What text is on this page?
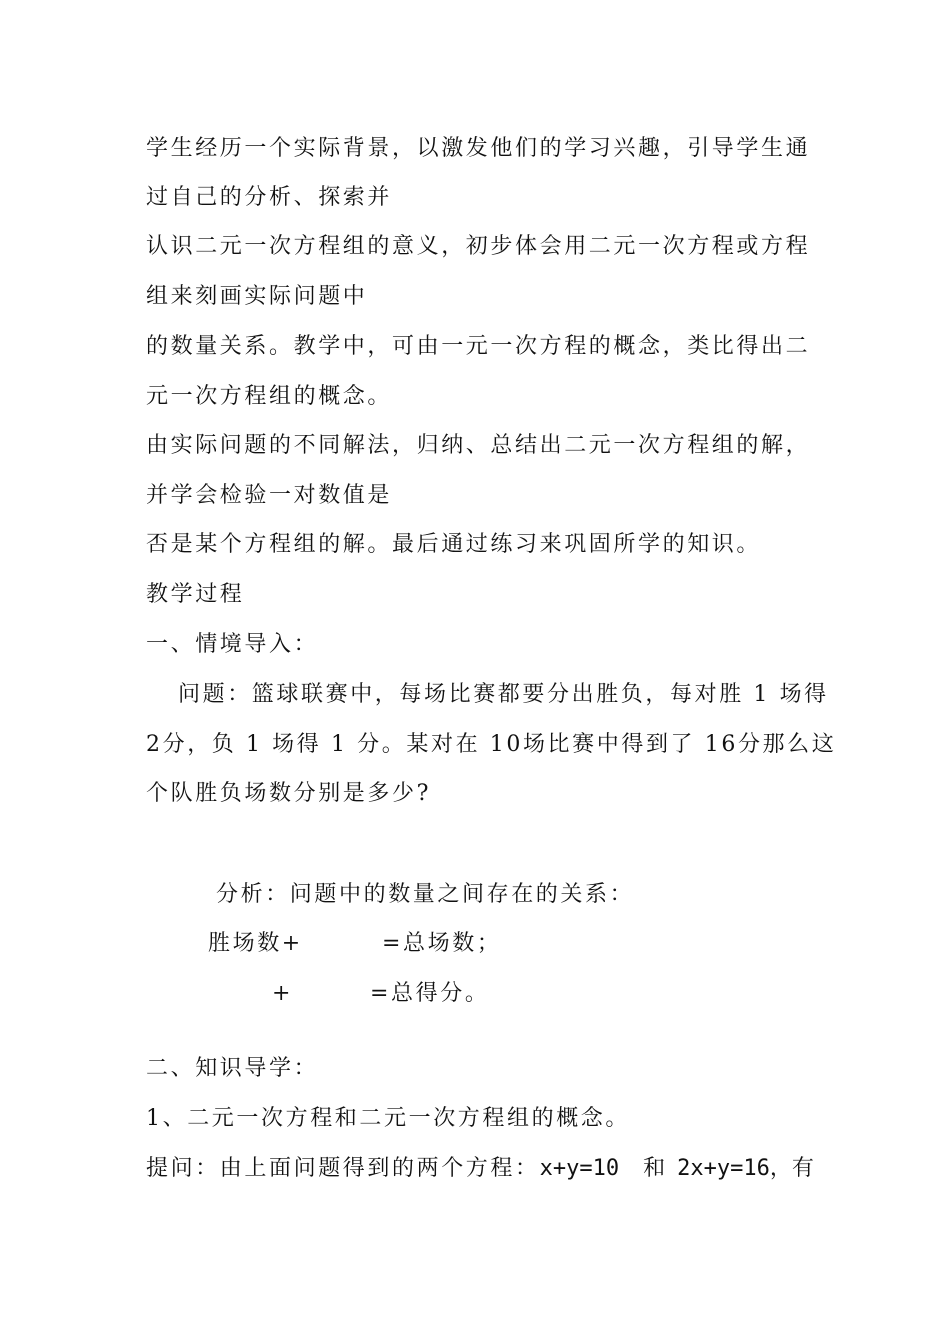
学生经历一个实际背景，以激发他们的学习兴趣，引导学生通
过自己的分析、探索并
认识二元一次方程组的意义，初步体会用二元一次方程或方程
组来刻画实际问题中
的数量关系。教学中，可由一元一次方程的概念，类比得出二
元一次方程组的概念。
由实际问题的不同解法，归纳、总结出二元一次方程组的解，
并学会检验一对数值是
否是某个方程组的解。最后通过练习来巩固所学的知识。
教学过程
一、情境导入：
问题：篮球联赛中，每场比赛都要分出胜负，每对胜 1 场得
2分，负 1 场得 1 分。某对在 10场比赛中得到了 16分那么这
个队胜负场数分别是多少?
分析：问题中的数量之间存在的关系：
胜场数+	=总场数；
+	=总得分。
二、知识导学：
1、二元一次方程和二元一次方程组的概念。
提问：由上面问题得到的两个方程：x+y=10 和 2x+y=16，有
